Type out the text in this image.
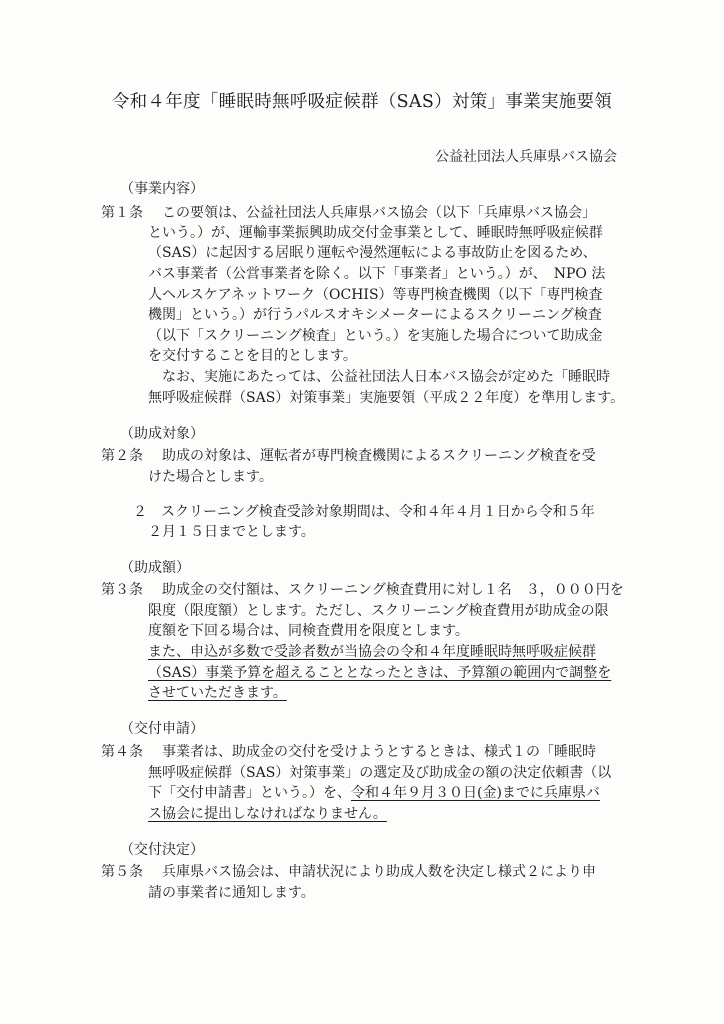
令和４年度「睡眠時無呼吸症候群（SAS）対策」事業実施要領
公益社団法人兵庫県バス協会
（事業内容）
第１条 この要領は、公益社団法人兵庫県バス協会（以下「兵庫県バス協会」
という。）が、運輸事業振興助成交付金事業として、睡眠時無呼吸症候群
（SAS）に起因する居眠り運転や漫然運転による事故防止を図るため、
バス事業者（公営事業者を除く。以下「事業者」という。）が、　NPO 法
人ヘルスケアネットワーク（OCHIS）等専門検査機関（以下「専門検査
機関」という。）が行うパルスオキシメーターによるスクリーニング検査
（以下「スクリーニング検査」という。）を実施した場合について助成金
を交付することを目的とします。
なお、実施にあたっては、公益社団法人日本バス協会が定めた「睡眠時
無呼吸症候群（SAS）対策事業」実施要領（平成２２年度）を準用します。
（助成対象）
第２条 助成の対象は、運転者が専門検査機関によるスクリーニング検査を受
けた場合とします。
２　スクリーニング検査受診対象期間は、令和４年４月１日から令和５年
２月１５日までとします。
（助成額）
第３条 助成金の交付額は、スクリーニング検査費用に対し１名　３，０００円を
限度（限度額）とします。ただし、スクリーニング検査費用が助成金の限
度額を下回る場合は、同検査費用を限度とします。
また、申込が多数で受診者数が当協会の令和４年度睡眠時無呼吸症候群
（SAS）事業予算を超えることとなったときは、予算額の範囲内で調整を
させていただきます。
（交付申請）
第４条 事業者は、助成金の交付を受けようとするときは、様式１の「睡眠時
無呼吸症候群（SAS）対策事業」の選定及び助成金の額の決定依頼書（以
下「交付申請書」という。）を、令和４年９月３０日(金)までに兵庫県バ
ス協会に提出しなければなりません。
（交付決定）
第５条 兵庫県バス協会は、申請状況により助成人数を決定し様式２により申
請の事業者に通知します。
